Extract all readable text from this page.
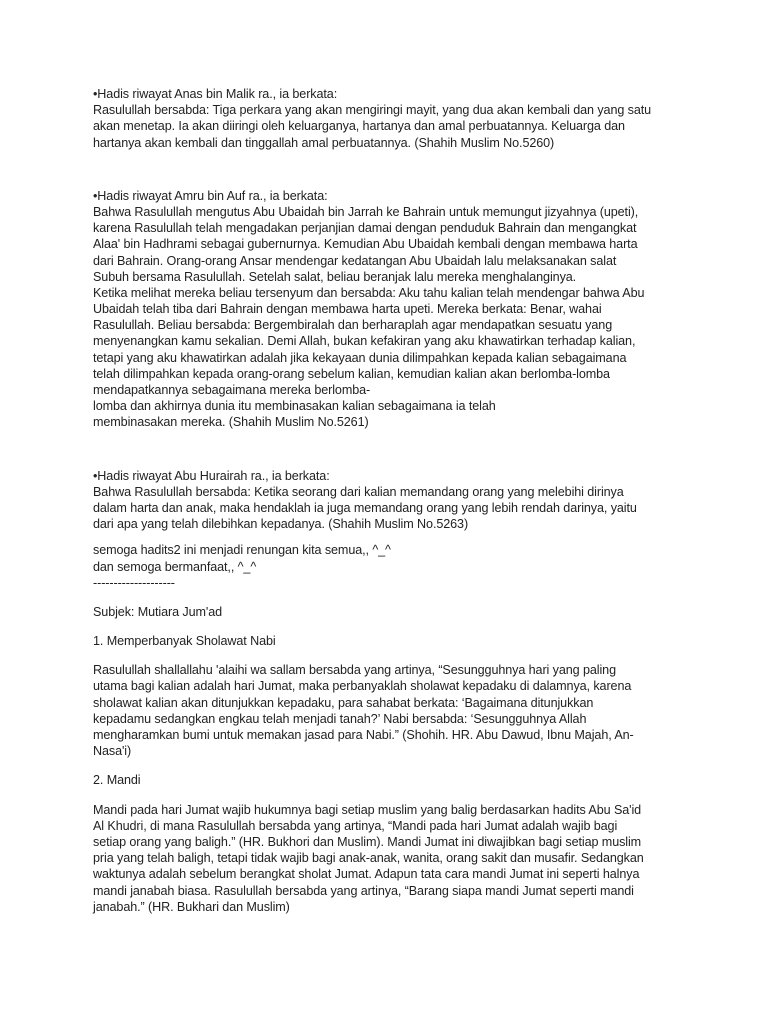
•Hadis riwayat Anas bin Malik ra., ia berkata:
Rasulullah bersabda: Tiga perkara yang akan mengiringi mayit, yang dua akan kembali dan yang satu
akan menetap. Ia akan diiringi oleh keluarganya, hartanya dan amal perbuatannya. Keluarga dan
hartanya akan kembali dan tinggallah amal perbuatannya. (Shahih Muslim No.5260)
•Hadis riwayat Amru bin Auf ra., ia berkata:
Bahwa Rasulullah mengutus Abu Ubaidah bin Jarrah ke Bahrain untuk memungut jizyahnya (upeti),
karena Rasulullah telah mengadakan perjanjian damai dengan penduduk Bahrain dan mengangkat
Alaa' bin Hadhrami sebagai gubernurnya. Kemudian Abu Ubaidah kembali dengan membawa harta
dari Bahrain. Orang-orang Ansar mendengar kedatangan Abu Ubaidah lalu melaksanakan salat
Subuh bersama Rasulullah. Setelah salat, beliau beranjak lalu mereka menghalanginya.
Ketika melihat mereka beliau tersenyum dan bersabda: Aku tahu kalian telah mendengar bahwa Abu
Ubaidah telah tiba dari Bahrain dengan membawa harta upeti. Mereka berkata: Benar, wahai
Rasulullah. Beliau bersabda: Bergembiralah dan berharaplah agar mendapatkan sesuatu yang
menyenangkan kamu sekalian. Demi Allah, bukan kefakiran yang aku khawatirkan terhadap kalian,
tetapi yang aku khawatirkan adalah jika kekayaan dunia dilimpahkan kepada kalian sebagaimana
telah dilimpahkan kepada orang-orang sebelum kalian, kemudian kalian akan berlomba-lomba
mendapatkannya sebagaimana mereka berlomba-
lomba dan akhirnya dunia itu membinasakan kalian sebagaimana ia telah
membinasakan mereka. (Shahih Muslim No.5261)
•Hadis riwayat Abu Hurairah ra., ia berkata:
Bahwa Rasulullah bersabda: Ketika seorang dari kalian memandang orang yang melebihi dirinya
dalam harta dan anak, maka hendaklah ia juga memandang orang yang lebih rendah darinya, yaitu
dari apa yang telah dilebihkan kepadanya. (Shahih Muslim No.5263)
semoga hadits2 ini menjadi renungan kita semua,, ^_^
dan semoga bermanfaat,, ^_^
--------------------
Subjek: Mutiara Jum'ad
1. Memperbanyak Sholawat Nabi
Rasulullah shallallahu 'alaihi wa sallam bersabda yang artinya, “Sesungguhnya hari yang paling
utama bagi kalian adalah hari Jumat, maka perbanyaklah sholawat kepadaku di dalamnya, karena
sholawat kalian akan ditunjukkan kepadaku, para sahabat berkata: ‘Bagaimana ditunjukkan
kepadamu sedangkan engkau telah menjadi tanah?’ Nabi bersabda: ‘Sesungguhnya Allah
mengharamkan bumi untuk memakan jasad para Nabi.” (Shohih. HR. Abu Dawud, Ibnu Majah, An-
Nasa'i)
2. Mandi
Mandi pada hari Jumat wajib hukumnya bagi setiap muslim yang balig berdasarkan hadits Abu Sa'id
Al Khudri, di mana Rasulullah bersabda yang artinya, “Mandi pada hari Jumat adalah wajib bagi
setiap orang yang baligh.” (HR. Bukhori dan Muslim). Mandi Jumat ini diwajibkan bagi setiap muslim
pria yang telah baligh, tetapi tidak wajib bagi anak-anak, wanita, orang sakit dan musafir. Sedangkan
waktunya adalah sebelum berangkat sholat Jumat. Adapun tata cara mandi Jumat ini seperti halnya
mandi janabah biasa. Rasulullah bersabda yang artinya, “Barang siapa mandi Jumat seperti mandi
janabah.” (HR. Bukhari dan Muslim)
